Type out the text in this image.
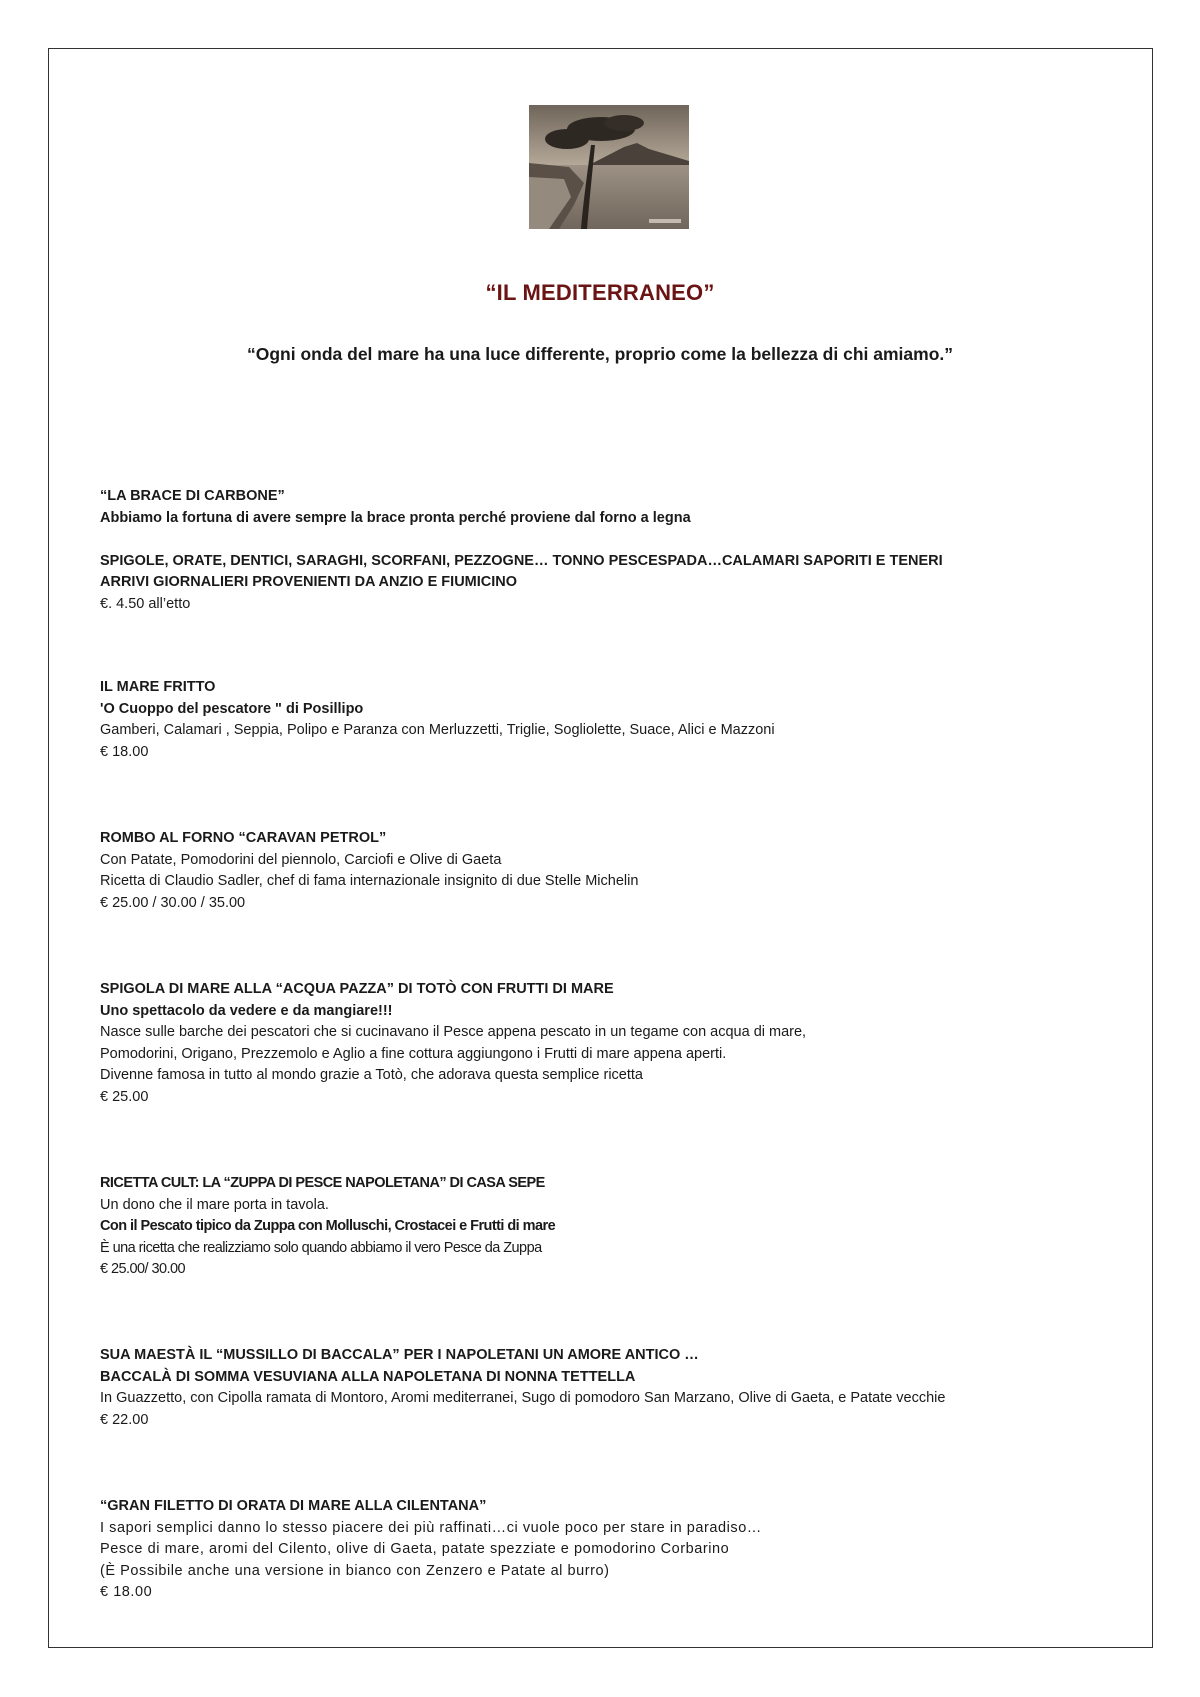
“IL MEDITERRANEO”
“Ogni onda del mare ha una luce differente, proprio come la bellezza di chi amiamo.”
“LA BRACE DI CARBONE”
Abbiamo la fortuna di avere sempre la brace pronta perché proviene dal forno a legna
SPIGOLE, ORATE, DENTICI, SARAGHI, SCORFANI, PEZZOGNE… TONNO PESCESPADA…CALAMARI SAPORITI E TENERI
ARRIVI GIORNALIERI PROVENIENTI DA ANZIO E FIUMICINO
€. 4.50 all’etto
IL MARE FRITTO
'O Cuoppo del pescatore " di Posillipo
Gamberi, Calamari , Seppia, Polipo e Paranza con Merluzzetti, Triglie, Sogliolette, Suace, Alici e Mazzoni
€ 18.00
ROMBO AL FORNO “CARAVAN PETROL”
Con Patate, Pomodorini del piennolo, Carciofi e Olive di Gaeta
Ricetta di Claudio Sadler, chef di fama internazionale insignito di due Stelle Michelin
€ 25.00 / 30.00 / 35.00
SPIGOLA DI MARE ALLA “ACQUA PAZZA” DI TOTÒ CON FRUTTI DI MARE
Uno spettacolo da vedere e da mangiare!!!
Nasce sulle barche dei pescatori che si cucinavano il Pesce appena pescato in un tegame con acqua di mare,
Pomodorini, Origano, Prezzemolo e Aglio a fine cottura aggiungono i Frutti di mare appena aperti.
Divenne famosa in tutto al mondo grazie a Totò, che adorava questa semplice ricetta
€ 25.00
RICETTA CULT: LA “ZUPPA DI PESCE NAPOLETANA” DI CASA SEPE
Un dono che il mare porta in tavola.
Con il Pescato tipico da Zuppa con Molluschi, Crostacei e Frutti di mare
È una ricetta che realizziamo solo quando abbiamo il vero Pesce da Zuppa
€ 25.00/ 30.00
SUA MAESTÀ IL “MUSSILLO DI BACCALA” PER I NAPOLETANI UN AMORE ANTICO …
BACCALÀ DI SOMMA VESUVIANA ALLA NAPOLETANA DI NONNA TETTELLA
In Guazzetto, con Cipolla ramata di Montoro, Aromi mediterranei, Sugo di pomodoro San Marzano, Olive di Gaeta, e Patate vecchie
€ 22.00
“GRAN FILETTO DI ORATA DI MARE ALLA CILENTANA”
I sapori semplici danno lo stesso piacere dei più raffinati…ci vuole poco per stare in paradiso…
Pesce di mare, aromi del Cilento, olive di Gaeta, patate spezziate e pomodorino Corbarino
(È Possibile anche una versione in bianco con Zenzero e Patate al burro)
€ 18.00
